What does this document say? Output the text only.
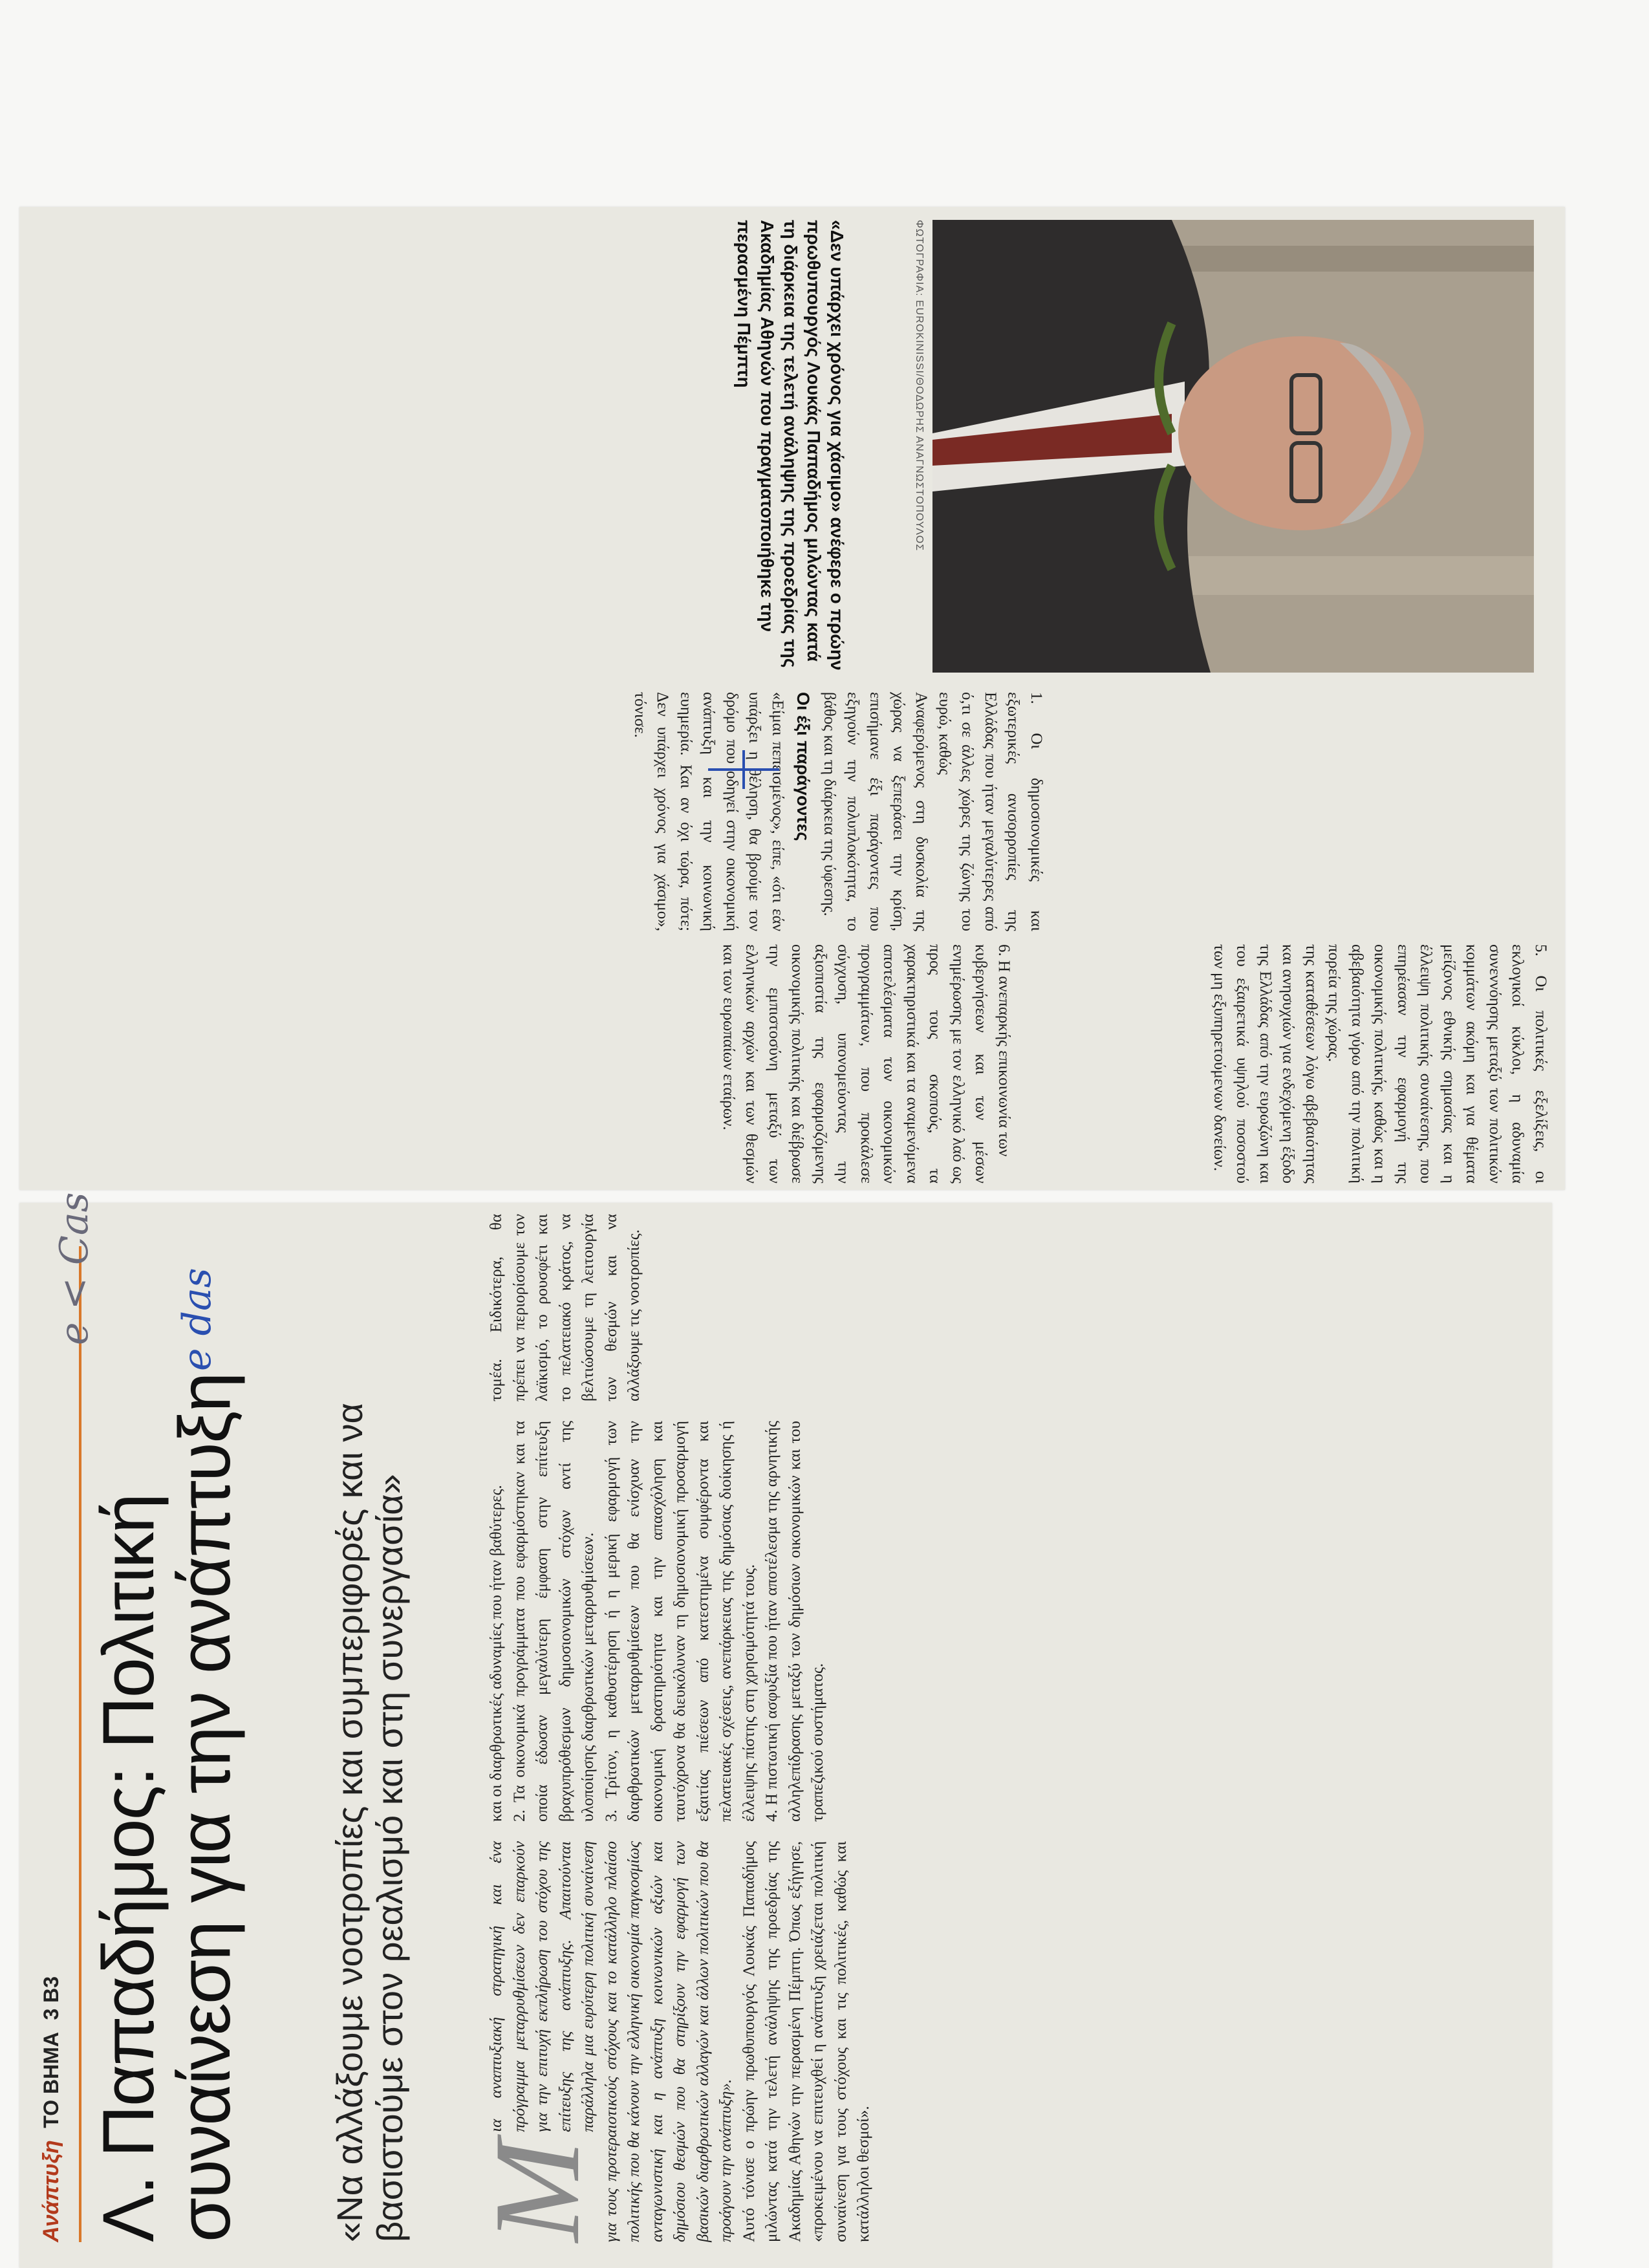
ΦΩΤΟΓΡΑΦΙΑ: EUROKINISSI/ΘΟΔΩΡΗΣ ΑΝΑΓΝΩΣΤΟΠΟΥΛΟΣ

«Δεν υπάρχει χρόνος για χάσιμο» ανέφερε ο πρώην πρωθυπουργός Λουκάς Παπαδήμος μιλώντας κατά τη διάρκεια της τελετή ανάληψης της προεδρίας της Ακαδημίας Αθηνών που πραγματοποιήθηκε την περασμένη Πέμπτη

1. Οι δημοσιονομικές και εξωτερικές ανισορροπίες της Ελλάδας που ήταν μεγαλύτερες από ό,τι σε άλλες χώρες της ζώνης του ευρώ, καθώς

Αναφερόμενος στη δυσκολία της χώρας να ξεπεράσει την κρίση, επισήμανε έξι παράγοντες που εξηγούν την πολυπλοκότητα, το βάθος και τη διάρκεια της ύφεσης.

Οι έξι παράγοντες

«Είμαι πεπεισμένος», είπε, «ότι εάν υπάρξει η θέληση, θα βρούμε τον δρόμο που οδηγεί στην οικονομική ανάπτυξη και την κοινωνική ευημερία. Και αν όχι τώρα, πότε; Δεν υπάρχει χρόνος για χάσιμο», τόνισε.

6. Η ανεπαρκής επικοινωνία των

κυβερνήσεων και των μέσων ενημέρωσης με τον ελληνικό λαό ως προς τους σκοπούς, τα χαρακτηριστικά και τα αναμενόμενα αποτελέσματα των οικονομικών προγραμμάτων, που προκάλεσε σύγχυση, υπονομεύοντας την αξιοπιστία της εφαρμοζόμενης οικονομικής πολιτικής και διέβρωσε την εμπιστοσύνη μεταξύ των ελληνικών αρχών και των θεσμών και των ευρωπαίων εταίρων.	5. Οι πολιτικές εξελίξεις, οι εκλογικοί κύκλοι, η αδυναμία συνεννόησης μεταξύ των πολιτικών κομμάτων ακόμη και για θέματα μείζονος εθνικής σημασίας και η έλλειψη πολιτικής συναίνεσης, που επηρέασαν την εφαρμογή της οικονομικής πολιτικής, καθώς και η αβεβαιότητα γύρω από την πολιτική πορεία της χώρας.

της καταθέσεων λόγω αβεβαιότητας και ανησυχιών για ενδεχόμενη έξοδο της Ελλάδας από την ευρωζώνη και του εξαιρετικά υψηλού ποσοστού των μη εξυπηρετούμενων δανείων.

Ανάπτυξη ΤΟ ΒΗΜΑ 3 Β3 Λ. Παπαδήμος: Πολιτική συναίνεση για την ανάπτυξη «Να αλλάξουμε νοοτροπίες και συμπεριφορές και να βασιστούμε στον ρεαλισμό και στη συνεργασία» Μ
ια αναπτυξιακή στρατηγική και ένα πρόγραμμα μεταρρυθμίσεων δεν επαρκούν για την επιτυχή εκπλήρωση του στόχου της επίτευξης της ανάπτυξης. Απαιτούνται παράλληλα μια ευρύτερη πολιτική συναίνεση για τους προτεραιοτικούς στόχους και το κατάλληλο πλαίσιο πολιτικής που θα κάνουν την ελληνική οικονομία παγκοσμίως ανταγωνιστική και η ανάπτυξη κοινωνικών αξιών και δημόσιου θεσμών που θα στηρίξουν την εφαρμογή των βασικών διαρθρωτικών αλλαγών και άλλων πολιτικών που θα προάγουν την ανάπτυξη». Αυτό τόνισε ο πρώην πρωθυπουργός Λουκάς Παπαδήμος μιλώντας κατά την τελετή ανάληψης της προεδρίας της Ακαδημίας Αθηνών την περασμένη Πέμπτη. Όπως εξήγησε, «προκειμένου να επιτευχθεί η ανάπτυξη χρειάζεται πολιτική συναίνεση για τους στόχους και τις πολιτικές, καθώς και κατάλληλοι θεσμοί».

και οι διαρθρωτικές αδυναμίες που ήταν βαθύτερες. 2. Τα οικονομικά προγράμματα που εφαρμόστηκαν και τα οποία έδωσαν μεγαλύτερη έμφαση στην επίτευξη βραχυπρόθεσμων δημοσιονομικών στόχων αντί της υλοποίησης διαρθρωτικών μεταρρυθμίσεων. 3. Τρίτον, η καθυστέρηση ή η μερική εφαρμογή των διαρθρωτικών μεταρρυθμίσεων που θα ενίσχυαν την οικονομική δραστηριότητα και την απασχόληση και ταυτόχρονα θα διευκόλυναν τη δημοσιονομική προσαρμογή εξαιτίας πιέσεων από κατεστημένα συμφέροντα και πελατειακές σχέσεις, ανεπάρκειας της δημόσιας διοίκησης ή έλλειψης πίστης στη χρησιμότητά τους. 4. Η πιστωτική ασφυξία που ήταν αποτέλεσμα της αρνητικής αλληλεπίδρασης μεταξύ των δημόσιων οικονομικών και του τραπεζικού συστήματος.

τομέα. Ειδικότερα, θα πρέπει να περιορίσουμε τον λαϊκισμό, το ρουσφέτι και το πελατειακό κράτος, να βελτιώσουμε τη λειτουργία των θεσμών και να αλλάξουμε τις νοοτροπίες.

e < Cas e das
